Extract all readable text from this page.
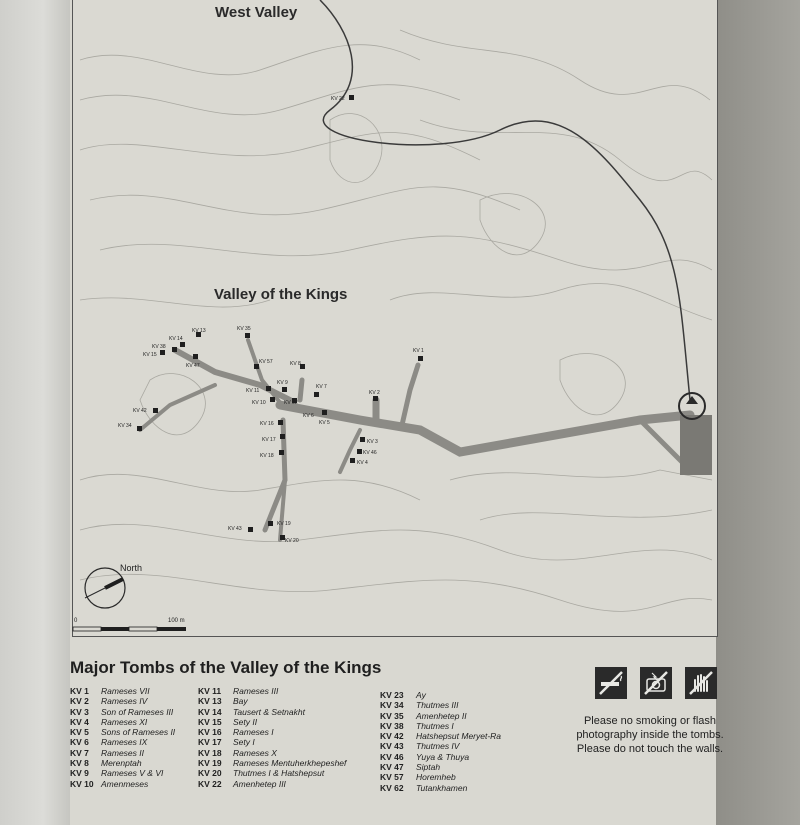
KV 1
KV 2
KV 3
KV 4
KV 5
KV 6
KV 7
KV 8
KV 9
KV 10
KV 11
KV 13
KV 14
KV 15
KV 16
KV 17
KV 18
KV 19
KV 20
KV 22
KV 34
KV 35
KV 38
KV 42
KV 43
KV 46
KV 47
KV 57
KV 62
West Valley
Valley of the Kings
North
0	100 m
Major Tombs of the Valley of the Kings
KV 1 Rameses VII
KV 2 Rameses IV
KV 3 Son of Rameses III
KV 4 Rameses XI
KV 5 Sons of Rameses II
KV 6 Rameses IX
KV 7 Rameses II
KV 8 Merenptah
KV 9 Rameses V & VI
KV 10 Amenmeses
KV 11 Rameses III
KV 13 Bay
KV 14 Tausert & Setnakht
KV 15 Sety II
KV 16 Rameses I
KV 17 Sety I
KV 18 Rameses X
KV 19 Rameses Mentuherkhepeshef
KV 20 Thutmes I & Hatshepsut
KV 22 Amenhetep III
KV 23 Ay
KV 34 Thutmes III
KV 35 Amenhetep II
KV 38 Thutmes I
KV 42 Hatshepsut Meryet-Ra
KV 43 Thutmes IV
KV 46 Yuya & Thuya
KV 47 Siptah
KV 57 Horemheb
KV 62 Tutankhamen
Please no smoking or flash
photography inside the tombs.
Please do not touch the walls.
